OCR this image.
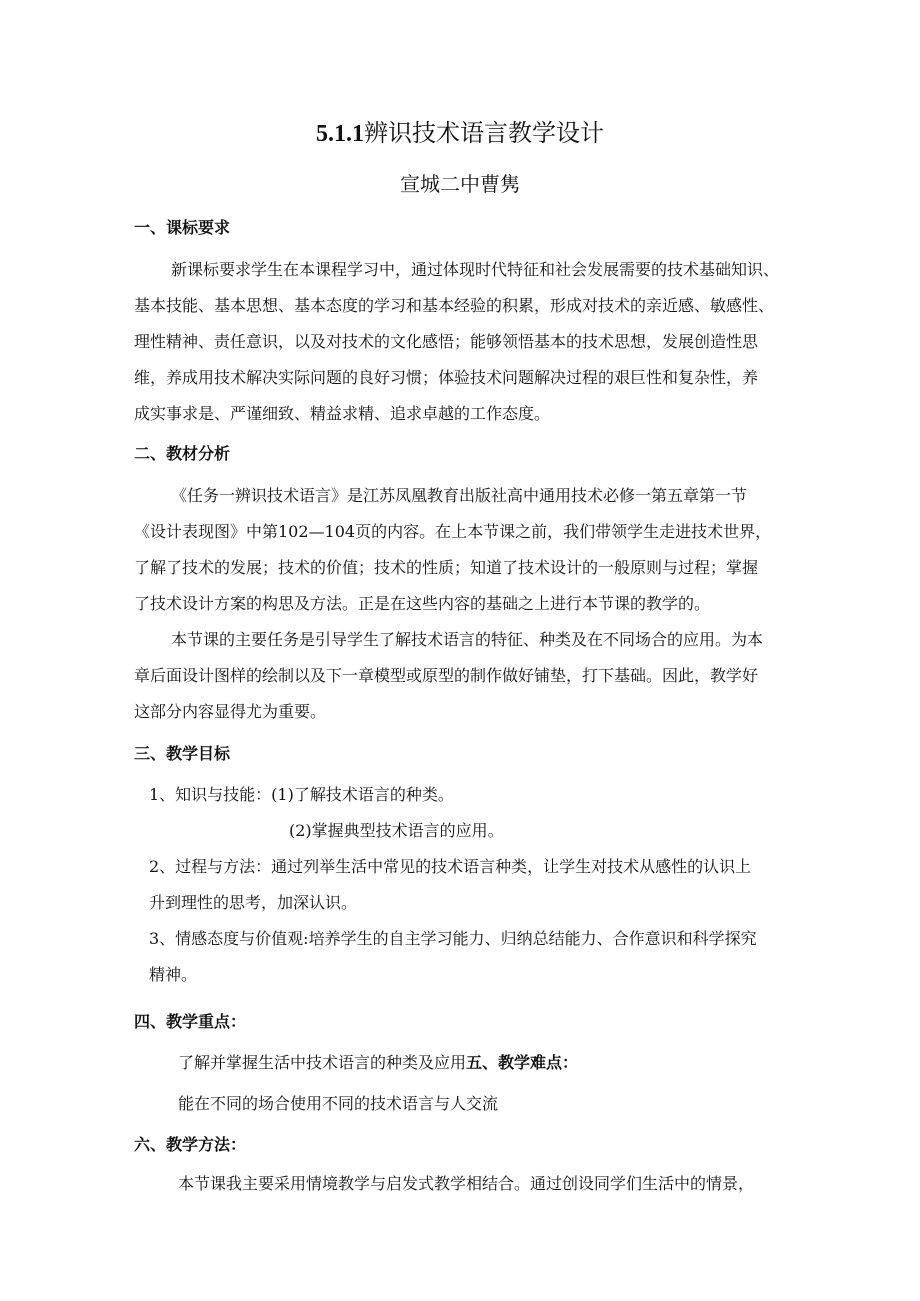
5.1.1辨识技术语言教学设计
宣城二中曹隽
一、课标要求
新课标要求学生在本课程学习中，通过体现时代特征和社会发展需要的技术基础知识、
基本技能、基本思想、基本态度的学习和基本经验的积累，形成对技术的亲近感、敏感性、
理性精神、责任意识，以及对技术的文化感悟；能够领悟基本的技术思想，发展创造性思
维，养成用技术解决实际问题的良好习惯；体验技术问题解决过程的艰巨性和复杂性，养
成实事求是、严谨细致、精益求精、追求卓越的工作态度。
二、教材分析
《任务一辨识技术语言》是江苏凤凰教育出版社高中通用技术必修一第五章第一节
《设计表现图》中第102—104页的内容。在上本节课之前，我们带领学生走进技术世界，
了解了技术的发展；技术的价值；技术的性质；知道了技术设计的一般原则与过程；掌握
了技术设计方案的构思及方法。正是在这些内容的基础之上进行本节课的教学的。
本节课的主要任务是引导学生了解技术语言的特征、种类及在不同场合的应用。为本
章后面设计图样的绘制以及下一章模型或原型的制作做好铺垫，打下基础。因此，教学好
这部分内容显得尤为重要。
三、教学目标
1、知识与技能：(1)了解技术语言的种类。
(2)掌握典型技术语言的应用。
2、过程与方法：通过列举生活中常见的技术语言种类，让学生对技术从感性的认识上
升到理性的思考，加深认识。
3、情感态度与价值观:培养学生的自主学习能力、归纳总结能力、合作意识和科学探究
精神。
四、教学重点：
了解并掌握生活中技术语言的种类及应用五、教学难点：
能在不同的场合使用不同的技术语言与人交流
六、教学方法：
本节课我主要采用情境教学与启发式教学相结合。通过创设同学们生活中的情景，
